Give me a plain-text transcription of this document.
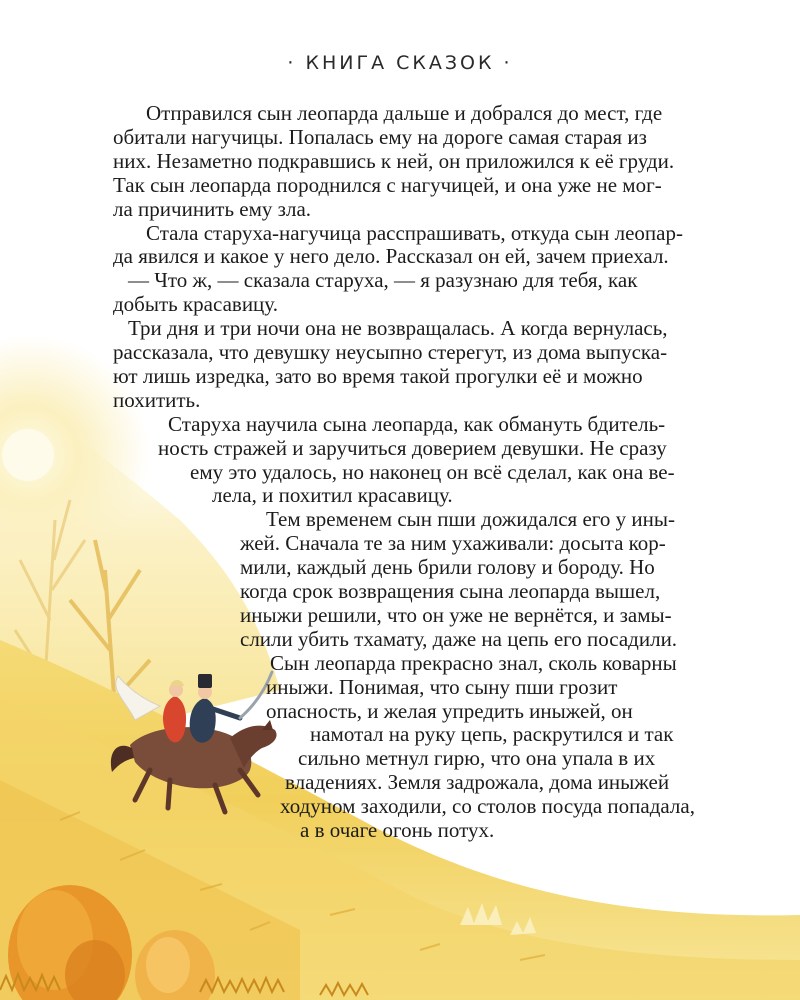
· КНИГА СКАЗОК ·
Отправился сын леопарда дальше и добрался до мест, где
обитали нагучицы. Попалась ему на дороге самая старая из
них. Незаметно подкравшись к ней, он приложился к её груди.
Так сын леопарда породнился с нагучицей, и она уже не мог-
ла причинить ему зла.
Стала старуха-нагучица расспрашивать, откуда сын леопар-
да явился и какое у него дело. Рассказал он ей, зачем приехал.
— Что ж, — сказала старуха, — я разузнаю для тебя, как
добыть красавицу.
Три дня и три ночи она не возвращалась. А когда вернулась,
рассказала, что девушку неусыпно стерегут, из дома выпуска-
ют лишь изредка, зато во время такой прогулки её и можно
похитить.
Старуха научила сына леопарда, как обмануть бдитель-
ность стражей и заручиться доверием девушки. Не сразу
ему это удалось, но наконец он всё сделал, как она ве-
лела, и похитил красавицу.
Тем временем сын пши дожидался его у ины-
жей. Сначала те за ним ухаживали: досыта кор-
мили, каждый день брили голову и бороду. Но
когда срок возвращения сына леопарда вышел,
иныжи решили, что он уже не вернётся, и замы-
слили убить тхамату, даже на цепь его посадили.
Сын леопарда прекрасно знал, сколь коварны
иныжи. Понимая, что сыну пши грозит
опасность, и желая упредить иныжей, он
намотал на руку цепь, раскрутился и так
сильно метнул гирю, что она упала в их
владениях. Земля задрожала, дома иныжей
ходуном заходили, со столов посуда попадала,
а в очаге огонь потух.
